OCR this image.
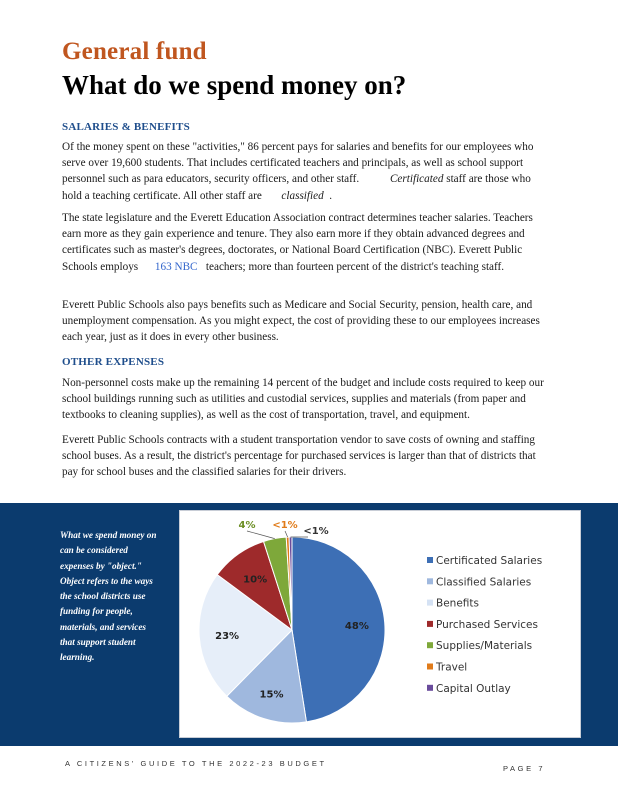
General fund
What do we spend money on?
SALARIES & BENEFITS

Of the money spent on these "activities," 86 percent pays for salaries and benefits for our employees who serve over 19,600 students. That includes certificated teachers and principals, as well as school support personnel such as para educators, security officers, and other staff.	Certificated staff are those who hold a teaching certificate. All other staff are classified .

The state legislature and the Everett Education Association contract determines teacher salaries. Teachers earn more as they gain experience and tenure. They also earn more if they obtain advanced degrees and certificates such as master's degrees, doctorates, or National Board Certification (NBC). Everett Public Schools employs 163 NBC teachers; more than fourteen percent of the district's teaching staff.

Everett Public Schools also pays benefits such as Medicare and Social Security, pension, health care, and unemployment compensation. As you might expect, the cost of providing these to our employees increases each year, just as it does in every other business.

OTHER EXPENSES

Non-personnel costs make up the remaining 14 percent of the budget and include costs required to keep our school buildings running such as utilities and custodial services, supplies and materials (from paper and textbooks to cleaning supplies), as well as the cost of transportation, travel, and equipment.

Everett Public Schools contracts with a student transportation vendor to save costs of owning and staffing school buses. As a result, the district's percentage for purchased services is larger than that of districts that pay for school buses and the classified salaries for their drivers.

What we spend money on can be considered expenses by "object." Object refers to the ways the school districts use funding for people, materials, and services that support student learning.
48%
15%
23%
10%
4% <1%
<1%
Certificated Salaries
Classified Salaries
Benefits
Purchased Services
Supplies/Materials
Travel
Capital Outlay
A CITIZENS' GUIDE TO THE 2022-23 BUDGET
PAGE 7
